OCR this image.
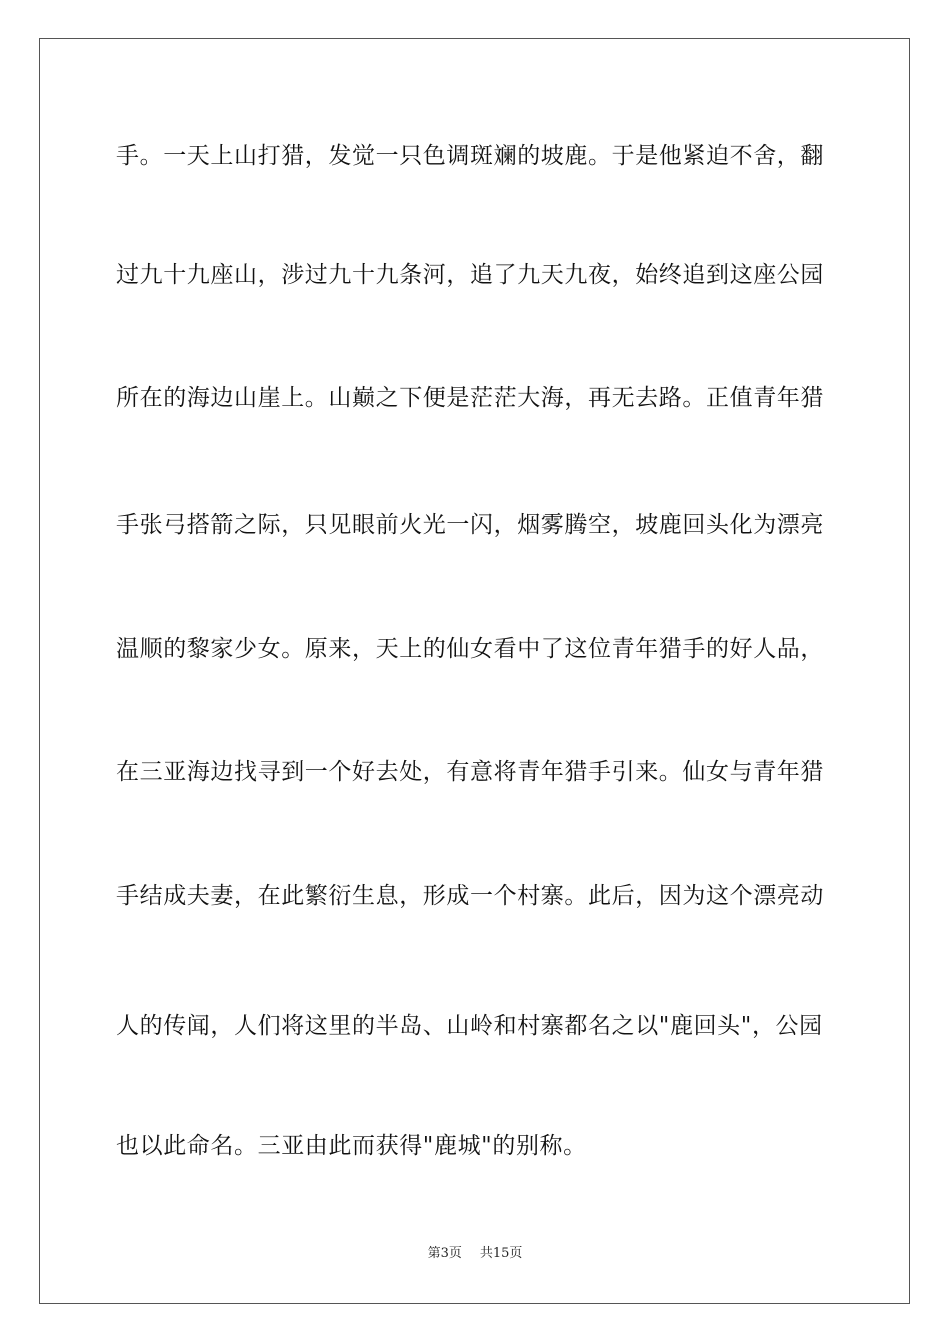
手。一天上山打猎，发觉一只色调斑斓的坡鹿。于是他紧迫不舍，翻
过九十九座山，涉过九十九条河，追了九天九夜，始终追到这座公园
所在的海边山崖上。山巅之下便是茫茫大海，再无去路。正值青年猎
手张弓搭箭之际，只见眼前火光一闪，烟雾腾空，坡鹿回头化为漂亮
温顺的黎家少女。原来，天上的仙女看中了这位青年猎手的好人品，
在三亚海边找寻到一个好去处，有意将青年猎手引来。仙女与青年猎
手结成夫妻，在此繁衍生息，形成一个村寨。此后，因为这个漂亮动
人的传闻，人们将这里的半岛、山岭和村寨都名之以"鹿回头"，公园
也以此命名。三亚由此而获得"鹿城"的别称。
第3页 共15页
